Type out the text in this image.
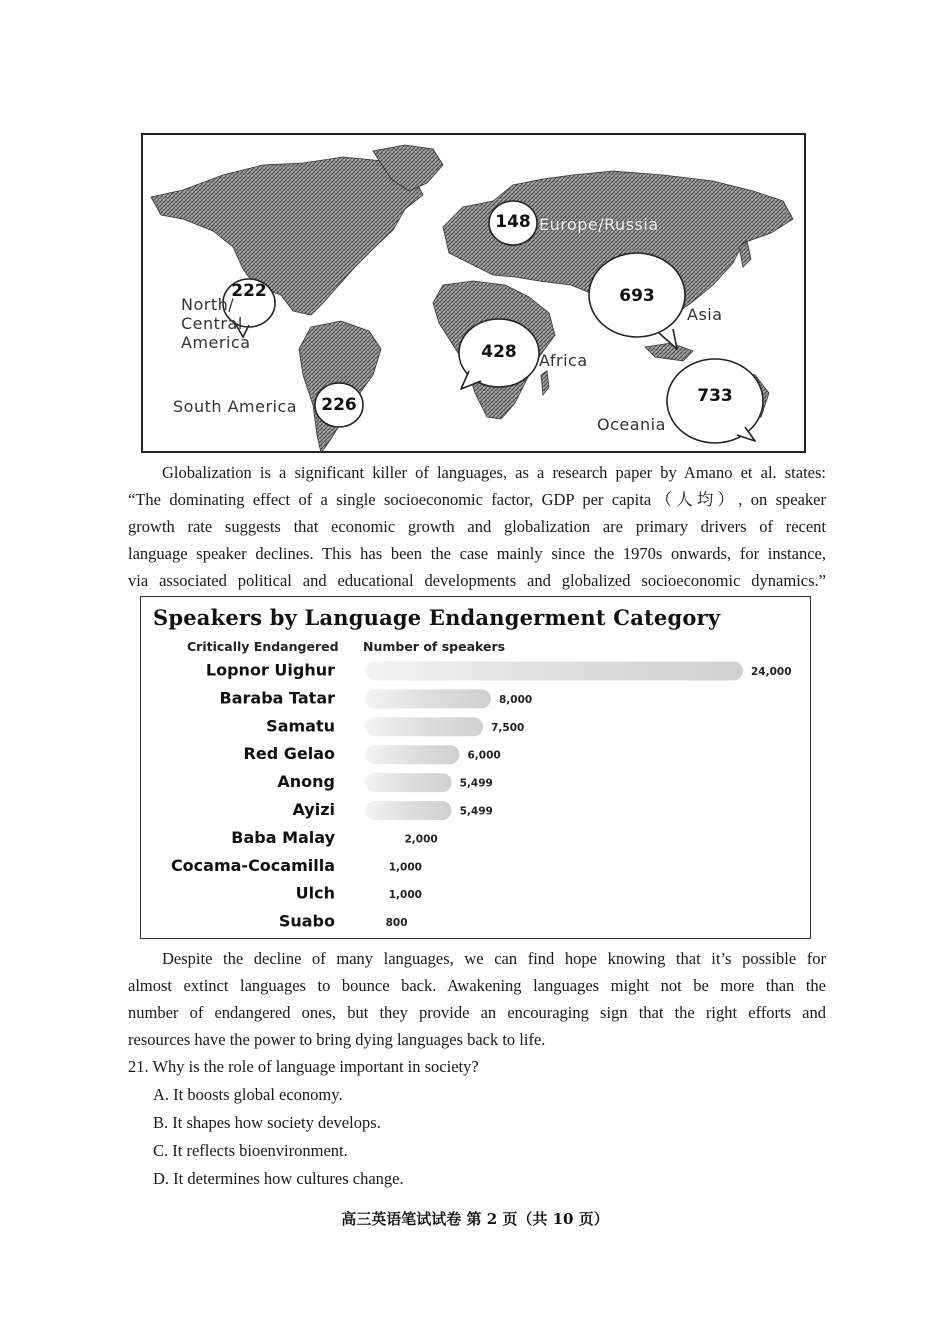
North/
Central
America
222
South America	226
148 Europe/Russia
428	Africa
693
Asia
733
Oceania
Globalization is a significant killer of languages, as a research paper by Amano et al. states:
“The dominating effect of a single socioeconomic factor, GDP per capita（人均）, on speaker
growth rate suggests that economic growth and globalization are primary drivers of recent
language speaker declines. This has been the case mainly since the 1970s onwards, for instance,
via associated political and educational developments and globalized socioeconomic dynamics.”
Speakers by Language Endangerment Category
Critically Endangered Number of speakers
Lopnor Uighur	24,000
Baraba Tatar	8,000
Samatu	7,500
Red Gelao	6,000
Anong	5,499
Ayizi	5,499
Baba Malay	2,000
Cocama-Cocamilla	1,000
Ulch	1,000
Suabo	800
Despite the decline of many languages, we can find hope knowing that it’s possible for
almost extinct languages to bounce back. Awakening languages might not be more than the
number of endangered ones, but they provide an encouraging sign that the right efforts and
resources have the power to bring dying languages back to life.
21. Why is the role of language important in society?
A. It boosts global economy.
B. It shapes how society develops.
C. It reflects bioenvironment.
D. It determines how cultures change.
高三英语笔试试卷 第 2 页（共 10 页）
